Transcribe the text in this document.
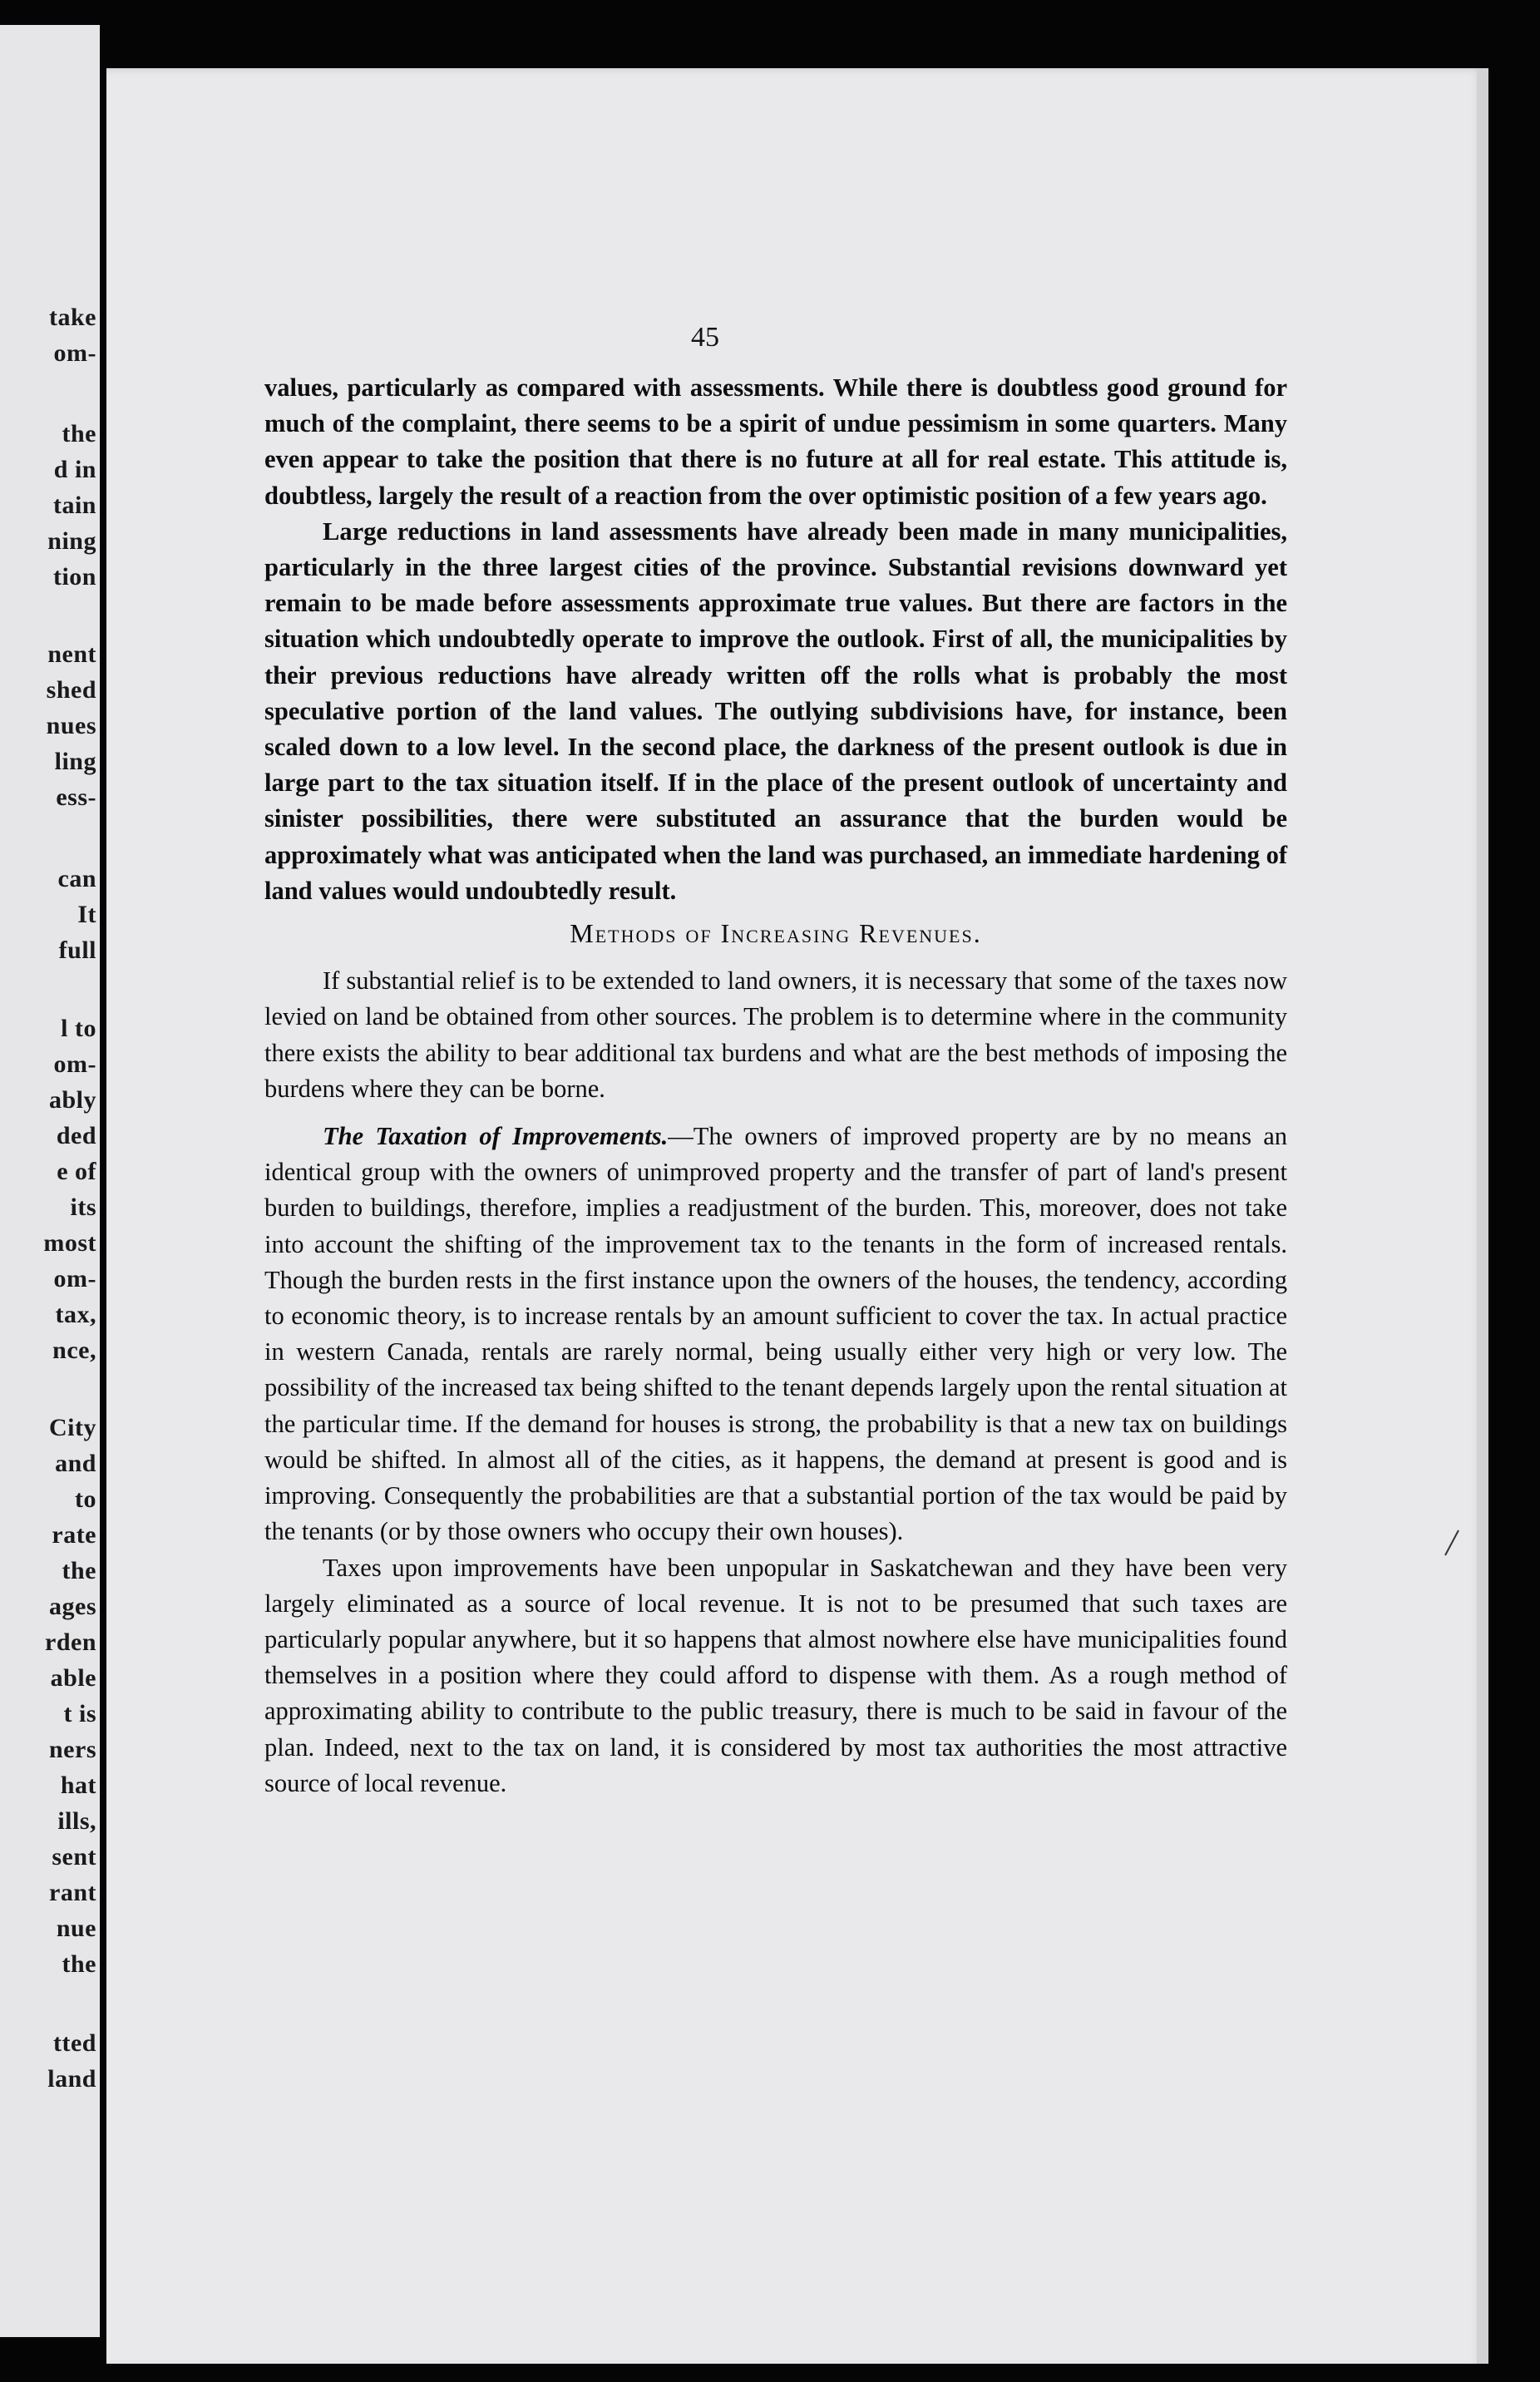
take
om-
the
d in
tain
ning
tion
nent
shed
nues
ling
ess-
can
It
full
l to
om-
ably
ded
e of
its
most
om-
tax,
nce,
City
and
to
rate
the
ages
rden
able
t is
ners
hat
ills,
sent
rant
nue
the
tted
land
45

values, particularly as compared with assessments. While there is doubtless good ground for much of the complaint, there seems to be a spirit of undue pessimism in some quarters. Many even appear to take the position that there is no future at all for real estate. This attitude is, doubtless, largely the result of a reaction from the over optimistic position of a few years ago.

Large reductions in land assessments have already been made in many municipalities, particularly in the three largest cities of the province. Substantial revisions downward yet remain to be made before assessments approximate true values. But there are factors in the situation which undoubtedly operate to improve the outlook. First of all, the municipalities by their previous reductions have already written off the rolls what is probably the most speculative portion of the land values. The outlying subdivisions have, for instance, been scaled down to a low level. In the second place, the darkness of the present outlook is due in large part to the tax situation itself. If in the place of the present outlook of uncertainty and sinister possibilities, there were substituted an assurance that the burden would be approximately what was anticipated when the land was purchased, an immediate hardening of land values would undoubtedly result.

Methods of Increasing Revenues.

If substantial relief is to be extended to land owners, it is necessary that some of the taxes now levied on land be obtained from other sources. The problem is to determine where in the community there exists the ability to bear additional tax burdens and what are the best methods of imposing the burdens where they can be borne.

The Taxation of Improvements.—The owners of improved property are by no means an identical group with the owners of unimproved property and the transfer of part of land's present burden to buildings, therefore, implies a readjustment of the burden. This, moreover, does not take into account the shifting of the improvement tax to the tenants in the form of increased rentals. Though the burden rests in the first instance upon the owners of the houses, the tendency, according to economic theory, is to increase rentals by an amount sufficient to cover the tax. In actual practice in western Canada, rentals are rarely normal, being usually either very high or very low. The possibility of the increased tax being shifted to the tenant depends largely upon the rental situation at the particular time. If the demand for houses is strong, the probability is that a new tax on buildings would be shifted. In almost all of the cities, as it happens, the demand at present is good and is improving. Consequently the probabilities are that a substantial portion of the tax would be paid by the tenants (or by those owners who occupy their own houses).

Taxes upon improvements have been unpopular in Saskatchewan and they have been very largely eliminated as a source of local revenue. It is not to be presumed that such taxes are particularly popular anywhere, but it so happens that almost nowhere else have municipalities found themselves in a position where they could afford to dispense with them. As a rough method of approximating ability to contribute to the public treasury, there is much to be said in favour of the plan. Indeed, next to the tax on land, it is considered by most tax authorities the most attractive source of local revenue.
